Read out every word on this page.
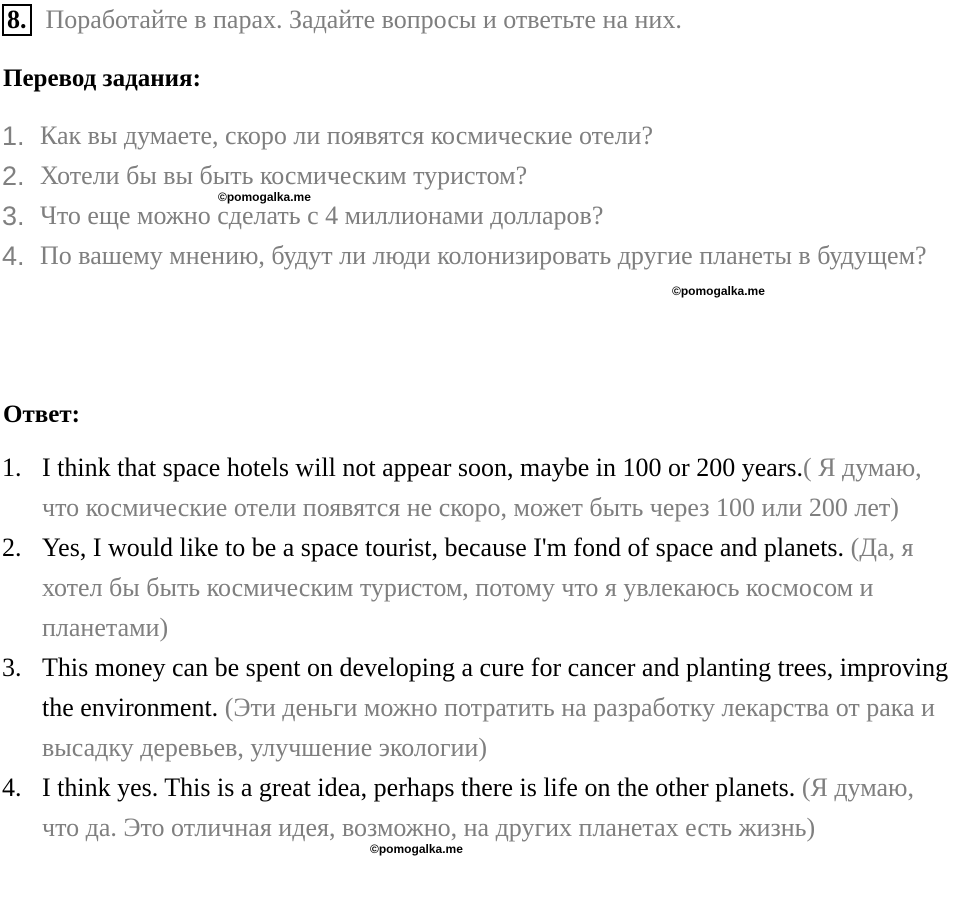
8. Поработайте в парах. Задайте вопросы и ответьте на них.
Перевод задания:
1. Как вы думаете, скоро ли появятся космические отели?
2. Хотели бы вы быть космическим туристом?
3. Что еще можно сделать с 4 миллионами долларов?
4. По вашему мнению, будут ли люди колонизировать другие планеты в будущем?
Ответ:
1. I think that space hotels will not appear soon, maybe in 100 or 200 years.( Я думаю, что космические отели появятся не скоро, может быть через 100 или 200 лет)
2. Yes, I would like to be a space tourist, because I'm fond of space and planets. (Да, я хотел бы быть космическим туристом, потому что я увлекаюсь космосом и планетами)
3. This money can be spent on developing a cure for cancer and planting trees, improving the environment. (Эти деньги можно потратить на разработку лекарства от рака и высадку деревьев, улучшение экологии)
4. I think yes. This is a great idea, perhaps there is life on the other planets. (Я думаю, что да. Это отличная идея, возможно, на других планетах есть жизнь)
©pomogalka.me
©pomogalka.me
©pomogalka.me
